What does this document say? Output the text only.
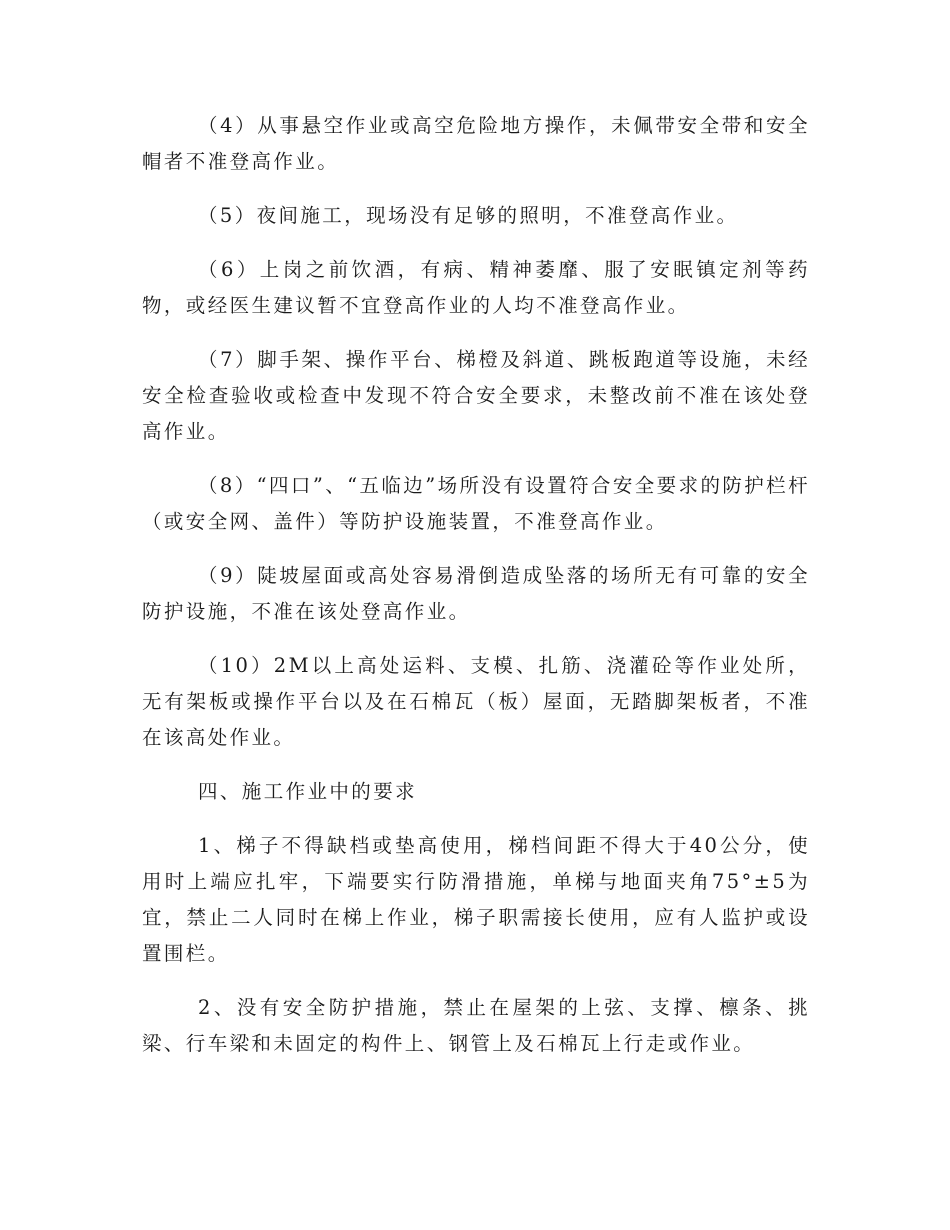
（4）从事悬空作业或高空危险地方操作，未佩带安全带和安全帽者不准登高作业。

（5）夜间施工，现场没有足够的照明，不准登高作业。

（6）上岗之前饮酒，有病、精神萎靡、服了安眠镇定剂等药物，或经医生建议暂不宜登高作业的人均不准登高作业。

（7）脚手架、操作平台、梯橙及斜道、跳板跑道等设施，未经安全检查验收或检查中发现不符合安全要求，未整改前不准在该处登高作业。

（8）“四口”、“五临边”场所没有设置符合安全要求的防护栏杆（或安全网、盖件）等防护设施装置，不准登高作业。

（9）陡坡屋面或高处容易滑倒造成坠落的场所无有可靠的安全防护设施，不准在该处登高作业。

（10）2M以上高处运料、支模、扎筋、浇灌砼等作业处所，无有架板或操作平台以及在石棉瓦（板）屋面，无踏脚架板者，不准在该高处作业。

四、施工作业中的要求

1、梯子不得缺档或垫高使用，梯档间距不得大于40公分，使用时上端应扎牢，下端要实行防滑措施，单梯与地面夹角75°±5为宜，禁止二人同时在梯上作业，梯子职需接长使用，应有人监护或设置围栏。

2、没有安全防护措施，禁止在屋架的上弦、支撑、檩条、挑梁、行车梁和未固定的构件上、钢管上及石棉瓦上行走或作业。
